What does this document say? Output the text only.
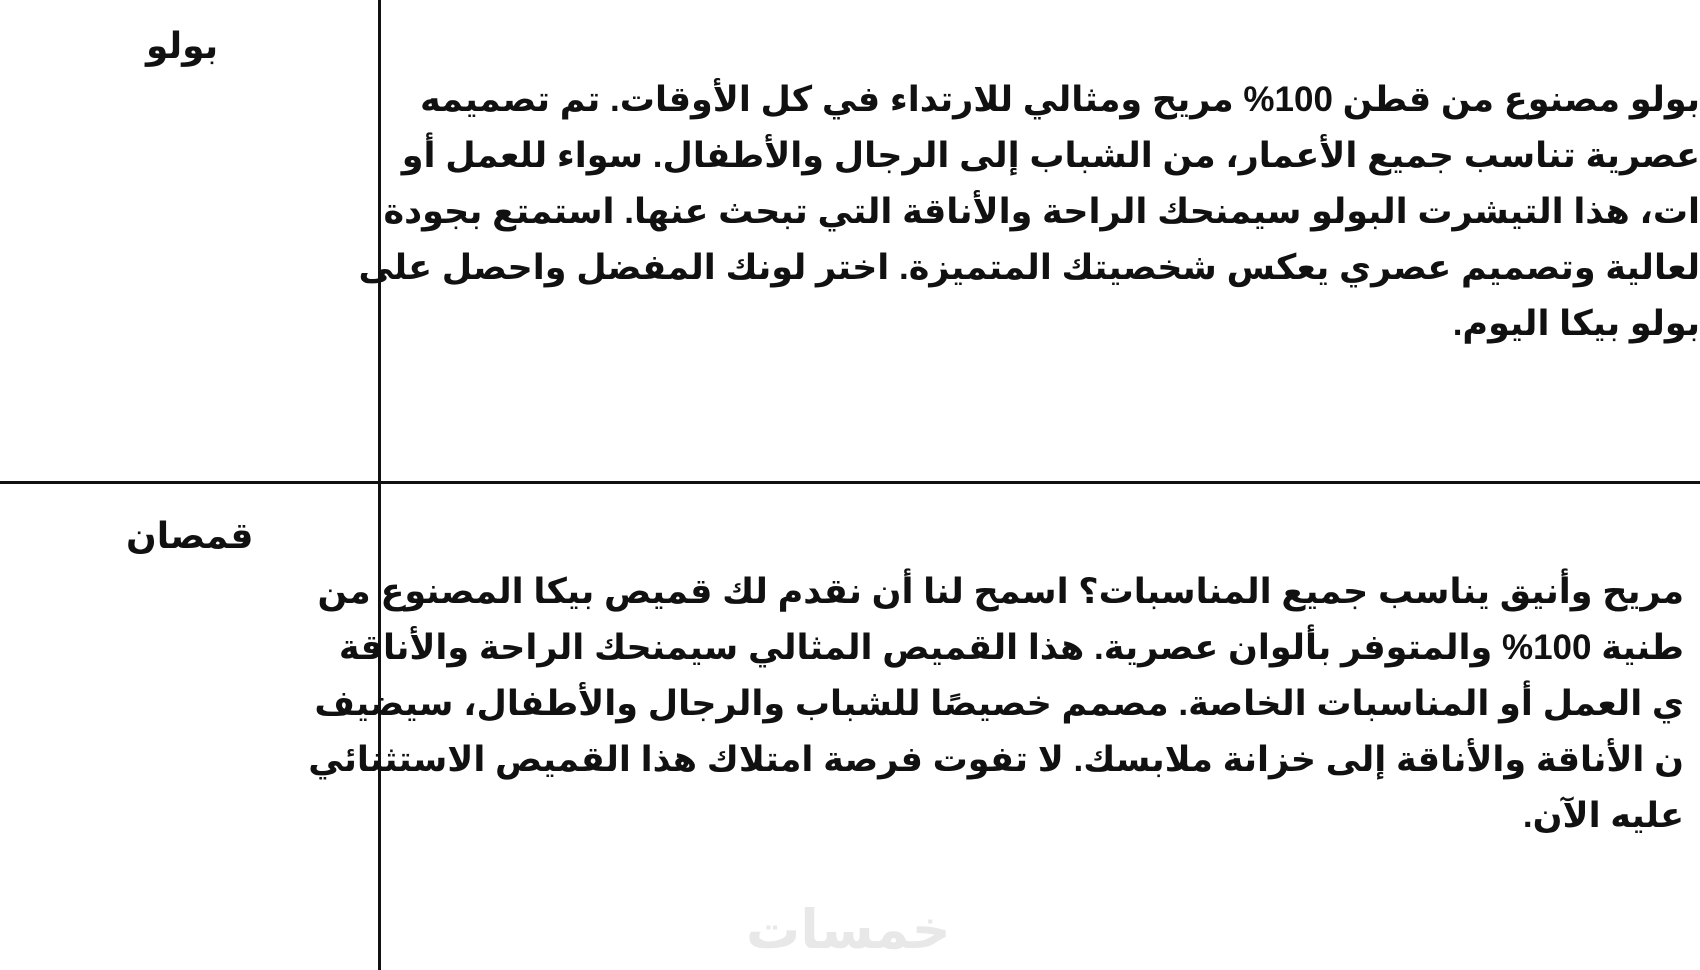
بولو
بولو مصنوع من قطن 100% مريح ومثالي للارتداء في كل الأوقات. تم تصميمه
عصرية تناسب جميع الأعمار، من الشباب إلى الرجال والأطفال. سواء للعمل أو
ات، هذا التيشرت البولو سيمنحك الراحة والأناقة التي تبحث عنها. استمتع بجودة
لعالية وتصميم عصري يعكس شخصيتك المتميزة. اختر لونك المفضل واحصل على
بولو بيكا اليوم.
قمصان
مريح وأنيق يناسب جميع المناسبات؟ اسمح لنا أن نقدم لك قميص بيكا المصنوع من
طنية 100% والمتوفر بألوان عصرية. هذا القميص المثالي سيمنحك الراحة والأناقة
ي العمل أو المناسبات الخاصة. مصمم خصيصًا للشباب والرجال والأطفال، سيضيف
ن الأناقة والأناقة إلى خزانة ملابسك. لا تفوت فرصة امتلاك هذا القميص الاستثنائي
عليه الآن.
خمسات
